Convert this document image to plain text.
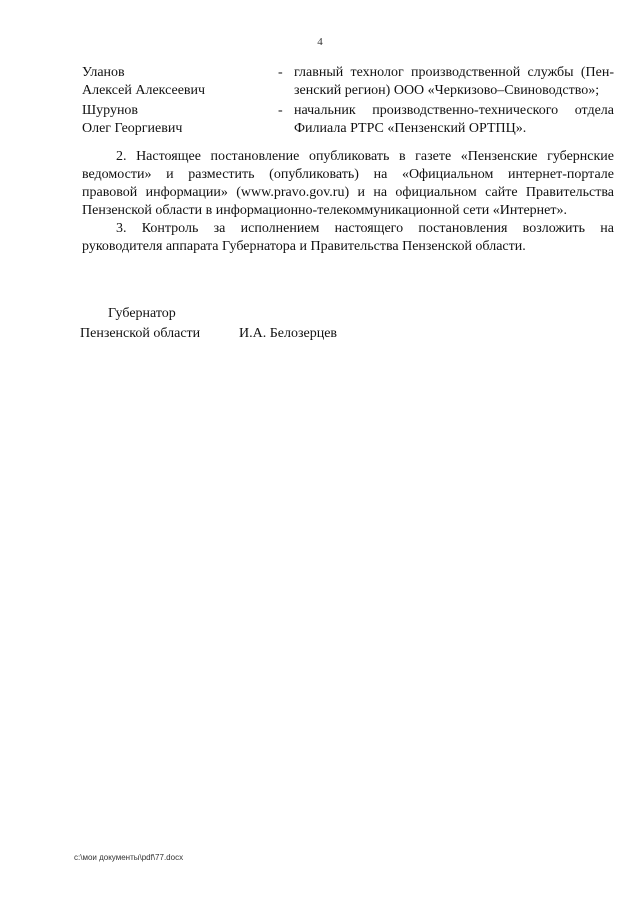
4
Уланов
Алексей Алексеевич
- главный технолог производственной службы (Пен-
зенский регион) ООО «Черкизово–Свиноводство»;
Шурунов
Олег Георгиевич
- начальник производственно-технического отдела
Филиала РТРС «Пензенский ОРТПЦ».
2. Настоящее постановление опубликовать в газете «Пензенские губернские
ведомости» и разместить (опубликовать) на «Официальном интернет-портале
правовой информации» (www.pravo.gov.ru) и на официальном сайте Правительства
Пензенской области в информационно-телекоммуникационной сети «Интернет».
3. Контроль за исполнением настоящего постановления возложить на
руководителя аппарата Губернатора и Правительства Пензенской области.
Губернатор
Пензенской области	И.А. Белозерцев
c:\мои документы\pdf\77.docx
